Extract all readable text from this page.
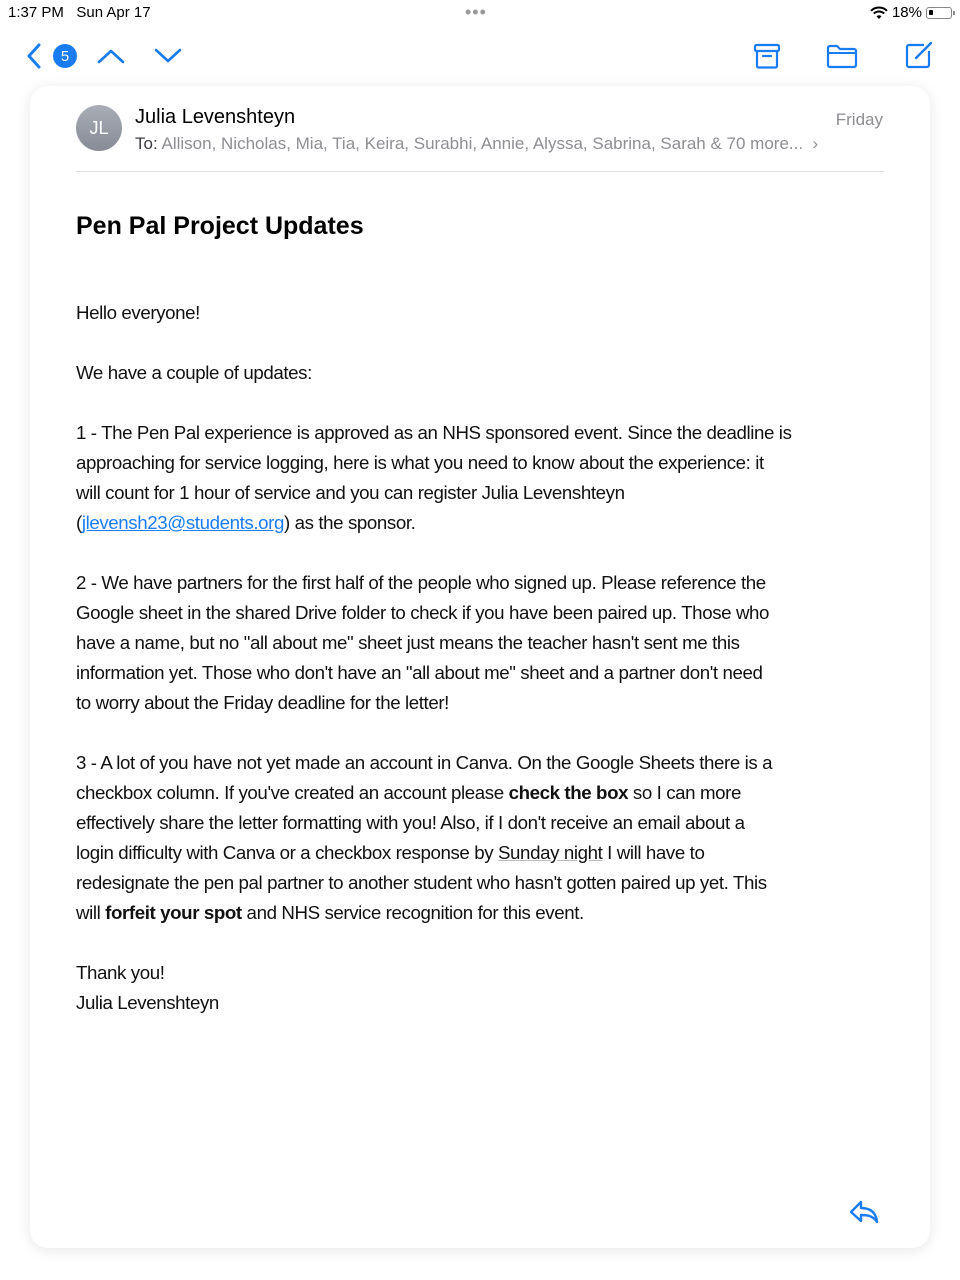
1:37 PM Sun Apr 17	•••	18%
5
JL	Julia Levenshteyn
To: Allison, Nicholas, Mia, Tia, Keira, Surabhi, Annie, Alyssa, Sabrina, Sarah & 70 more...  ›
Friday
Pen Pal Project Updates

Hello everyone!

We have a couple of updates:

1 - The Pen Pal experience is approved as an NHS sponsored event. Since the deadline is
approaching for service logging, here is what you need to know about the experience: it
will count for 1 hour of service and you can register Julia Levenshteyn
(jlevensh23@students.org) as the sponsor.

2 - We have partners for the first half of the people who signed up. Please reference the
Google sheet in the shared Drive folder to check if you have been paired up. Those who
have a name, but no "all about me" sheet just means the teacher hasn't sent me this
information yet. Those who don't have an "all about me" sheet and a partner don't need
to worry about the Friday deadline for the letter!

3 - A lot of you have not yet made an account in Canva. On the Google Sheets there is a
checkbox column. If you've created an account please check the box so I can more
effectively share the letter formatting with you! Also, if I don't receive an email about a
login difficulty with Canva or a checkbox response by Sunday night I will have to
redesignate the pen pal partner to another student who hasn't gotten paired up yet. This
will forfeit your spot and NHS service recognition for this event.

Thank you!
Julia Levenshteyn
